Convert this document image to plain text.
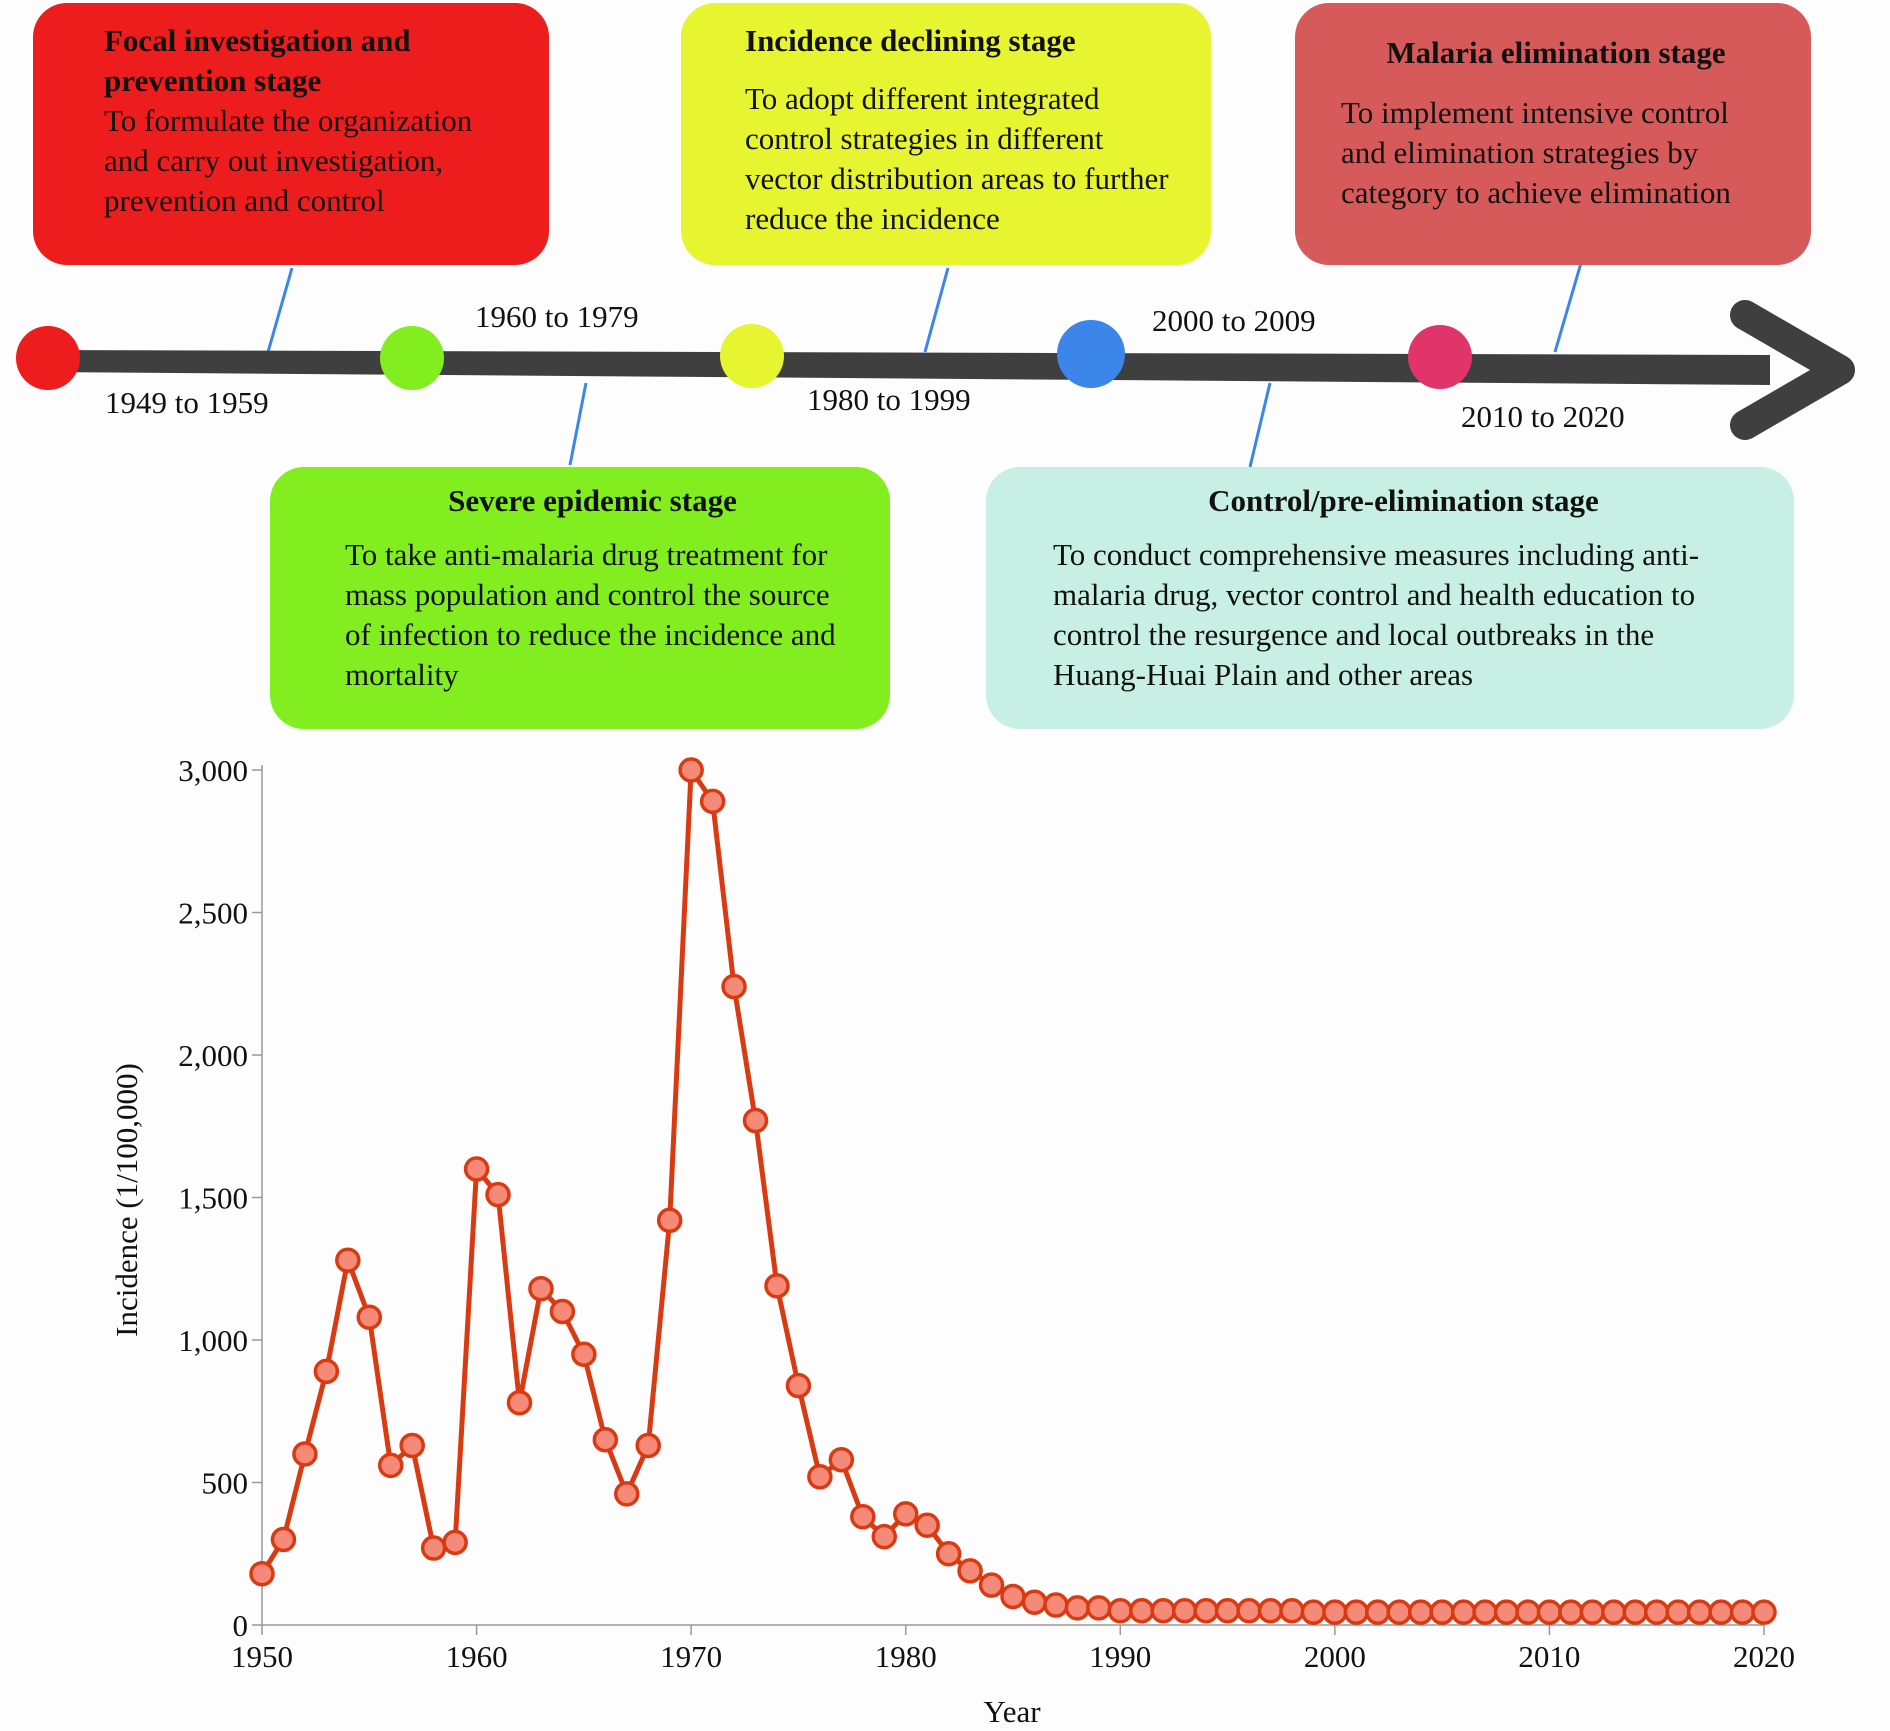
Focal investigation and prevention stage
To formulate the organization and carry out investigation, prevention and control
Incidence declining stage
To adopt different integrated control strategies in different vector distribution areas to further reduce the incidence
Malaria elimination stage
To implement intensive control and elimination strategies by category to achieve elimination
Severe epidemic stage
To take anti-malaria drug treatment for mass population and control the source of infection to reduce the incidence and mortality
Control/pre-elimination stage
To conduct comprehensive measures including anti-malaria drug, vector control and health education to control the resurgence and local outbreaks in the Huang-Huai Plain and other areas
1949 to 1959
1960 to 1979
1980 to 1999
2000 to 2009
2010 to 2020
0
500
1,000
1,500
2,000
2,500
3,000
1950	1960	1970	1980	1990	2000	2010	2020
Year
Incidence (1/100,000)
